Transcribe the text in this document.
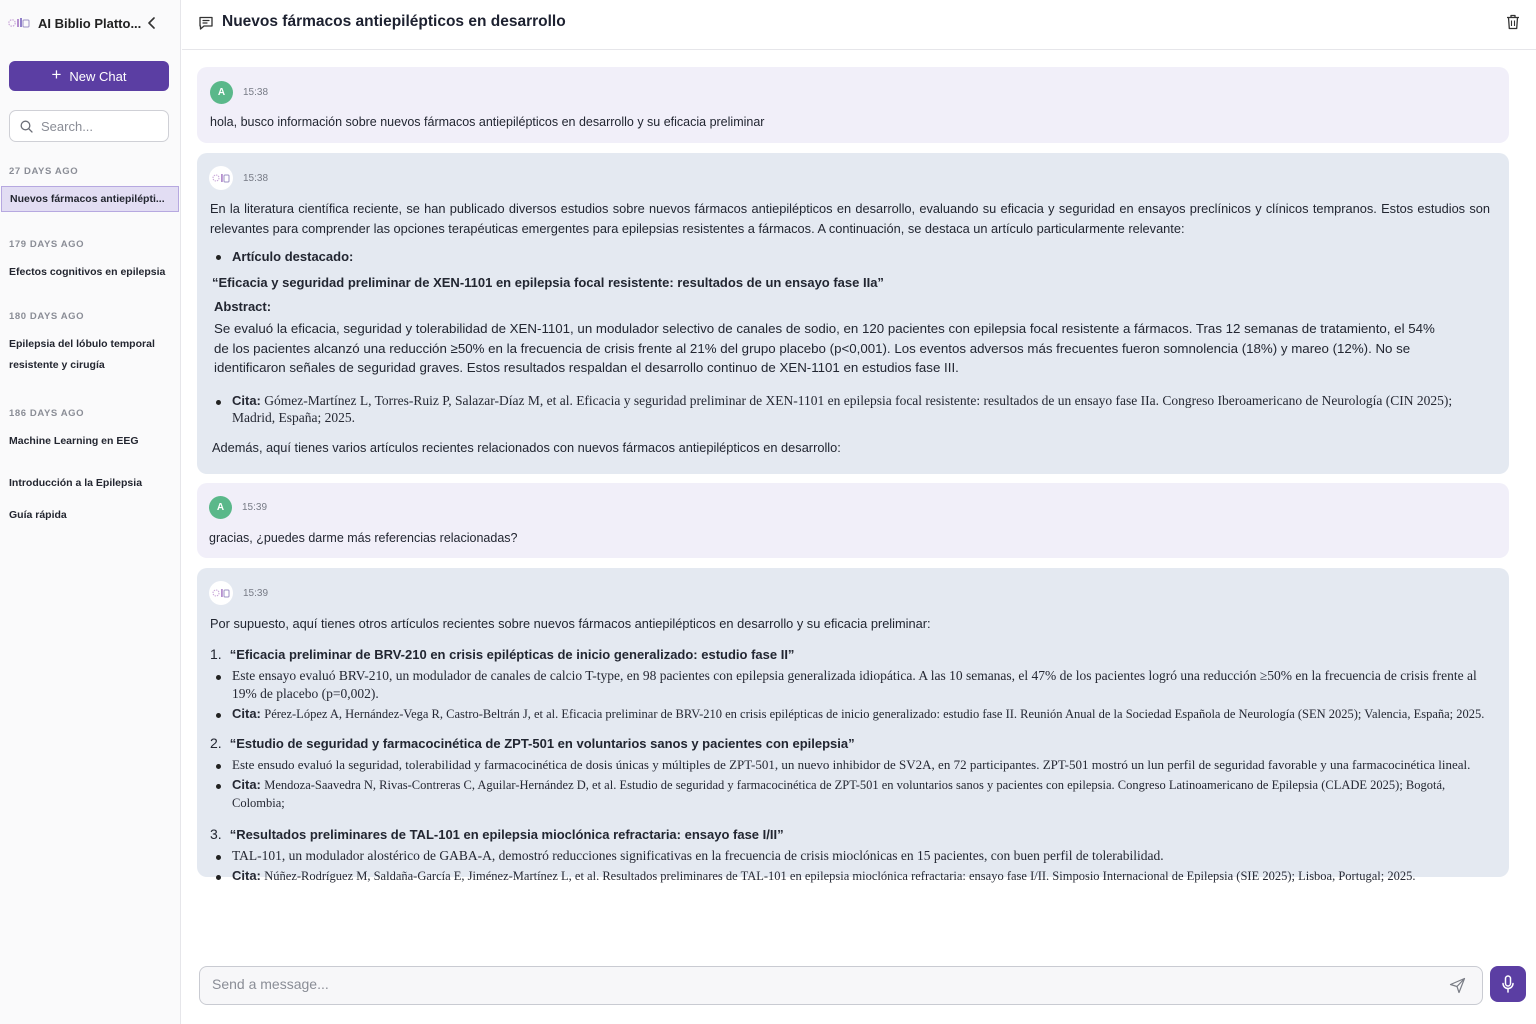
AI Biblio Platto...
+ New Chat
Search...
27 DAYS AGO
Nuevos fármacos antiepilépti...
179 DAYS AGO
Efectos cognitivos en epilepsia
180 DAYS AGO
Epilepsia del lóbulo temporal resistente y cirugía
186 DAYS AGO
Machine Learning en EEG
Introducción a la Epilepsia
Guía rápida
Nuevos fármacos antiepilépticos en desarrollo
A	15:38

hola, busco información sobre nuevos fármacos antiepilépticos en desarrollo y su eficacia preliminar

15:38

En la literatura científica reciente, se han publicado diversos estudios sobre nuevos fármacos antiepilépticos en desarrollo, evaluando su eficacia y seguridad en ensayos preclínicos y clínicos tempranos. Estos estudios son relevantes para comprender las opciones terapéuticas emergentes para epilepsias resistentes a fármacos. A continuación, se destaca un artículo particularmente relevante:

Artículo destacado:

“Eficacia y seguridad preliminar de XEN-1101 en epilepsia focal resistente: resultados de un ensayo fase IIa”

Abstract:

Se evaluó la eficacia, seguridad y tolerabilidad de XEN-1101, un modulador selectivo de canales de sodio, en 120 pacientes con epilepsia focal resistente a fármacos. Tras 12 semanas de tratamiento, el 54% de los pacientes alcanzó una reducción ≥50% en la frecuencia de crisis frente al 21% del grupo placebo (p<0,001). Los eventos adversos más frecuentes fueron somnolencia (18%) y mareo (12%). No se identificaron señales de seguridad graves. Estos resultados respaldan el desarrollo continuo de XEN-1101 en estudios fase III.

Cita: Gómez-Martínez L, Torres-Ruiz P, Salazar-Díaz M, et al. Eficacia y seguridad preliminar de XEN-1101 en epilepsia focal resistente: resultados de un ensayo fase IIa. Congreso Iberoamericano de Neurología (CIN 2025); Madrid, España; 2025.

Además, aquí tienes varios artículos recientes relacionados con nuevos fármacos antiepilépticos en desarrollo:

A	15:39

gracias, ¿puedes darme más referencias relacionadas?

15:39

Por supuesto, aquí tienes otros artículos recientes sobre nuevos fármacos antiepilépticos en desarrollo y su eficacia preliminar:

1. “Eficacia preliminar de BRV-210 en crisis epilépticas de inicio generalizado: estudio fase II”

Este ensayo evaluó BRV-210, un modulador de canales de calcio T-type, en 98 pacientes con epilepsia generalizada idiopática. A las 10 semanas, el 47% de los pacientes logró una reducción ≥50% en la frecuencia de crisis frente al 19% de placebo (p=0,002).

Cita: Pérez-López A, Hernández-Vega R, Castro-Beltrán J, et al. Eficacia preliminar de BRV-210 en crisis epilépticas de inicio generalizado: estudio fase II. Reunión Anual de la Sociedad Española de Neurología (SEN 2025); Valencia, España; 2025.

2. “Estudio de seguridad y farmacocinética de ZPT-501 en voluntarios sanos y pacientes con epilepsia”

Este ensudo evaluó la seguridad, tolerabilidad y farmacocinética de dosis únicas y múltiples de ZPT-501, un nuevo inhibidor de SV2A, en 72 participantes. ZPT-501 mostró un lun perfil de seguridad favorable y una farmacocinética lineal.

Cita: Mendoza-Saavedra N, Rivas-Contreras C, Aguilar-Hernández D, et al. Estudio de seguridad y farmacocinética de ZPT-501 en voluntarios sanos y pacientes con epilepsia. Congreso Latinoamericano de Epilepsia (CLADE 2025); Bogotá, Colombia;

3. “Resultados preliminares de TAL-101 en epilepsia mioclónica refractaria: ensayo fase I/II”

TAL-101, un modulador alostérico de GABA-A, demostró reducciones significativas en la frecuencia de crisis mioclónicas en 15 pacientes, con buen perfil de tolerabilidad.

Cita: Núñez-Rodríguez M, Saldaña-García E, Jiménez-Martínez L, et al. Resultados preliminares de TAL-101 en epilepsia mioclónica refractaria: ensayo fase I/II. Simposio Internacional de Epilepsia (SIE 2025); Lisboa, Portugal; 2025.

Send a message...
